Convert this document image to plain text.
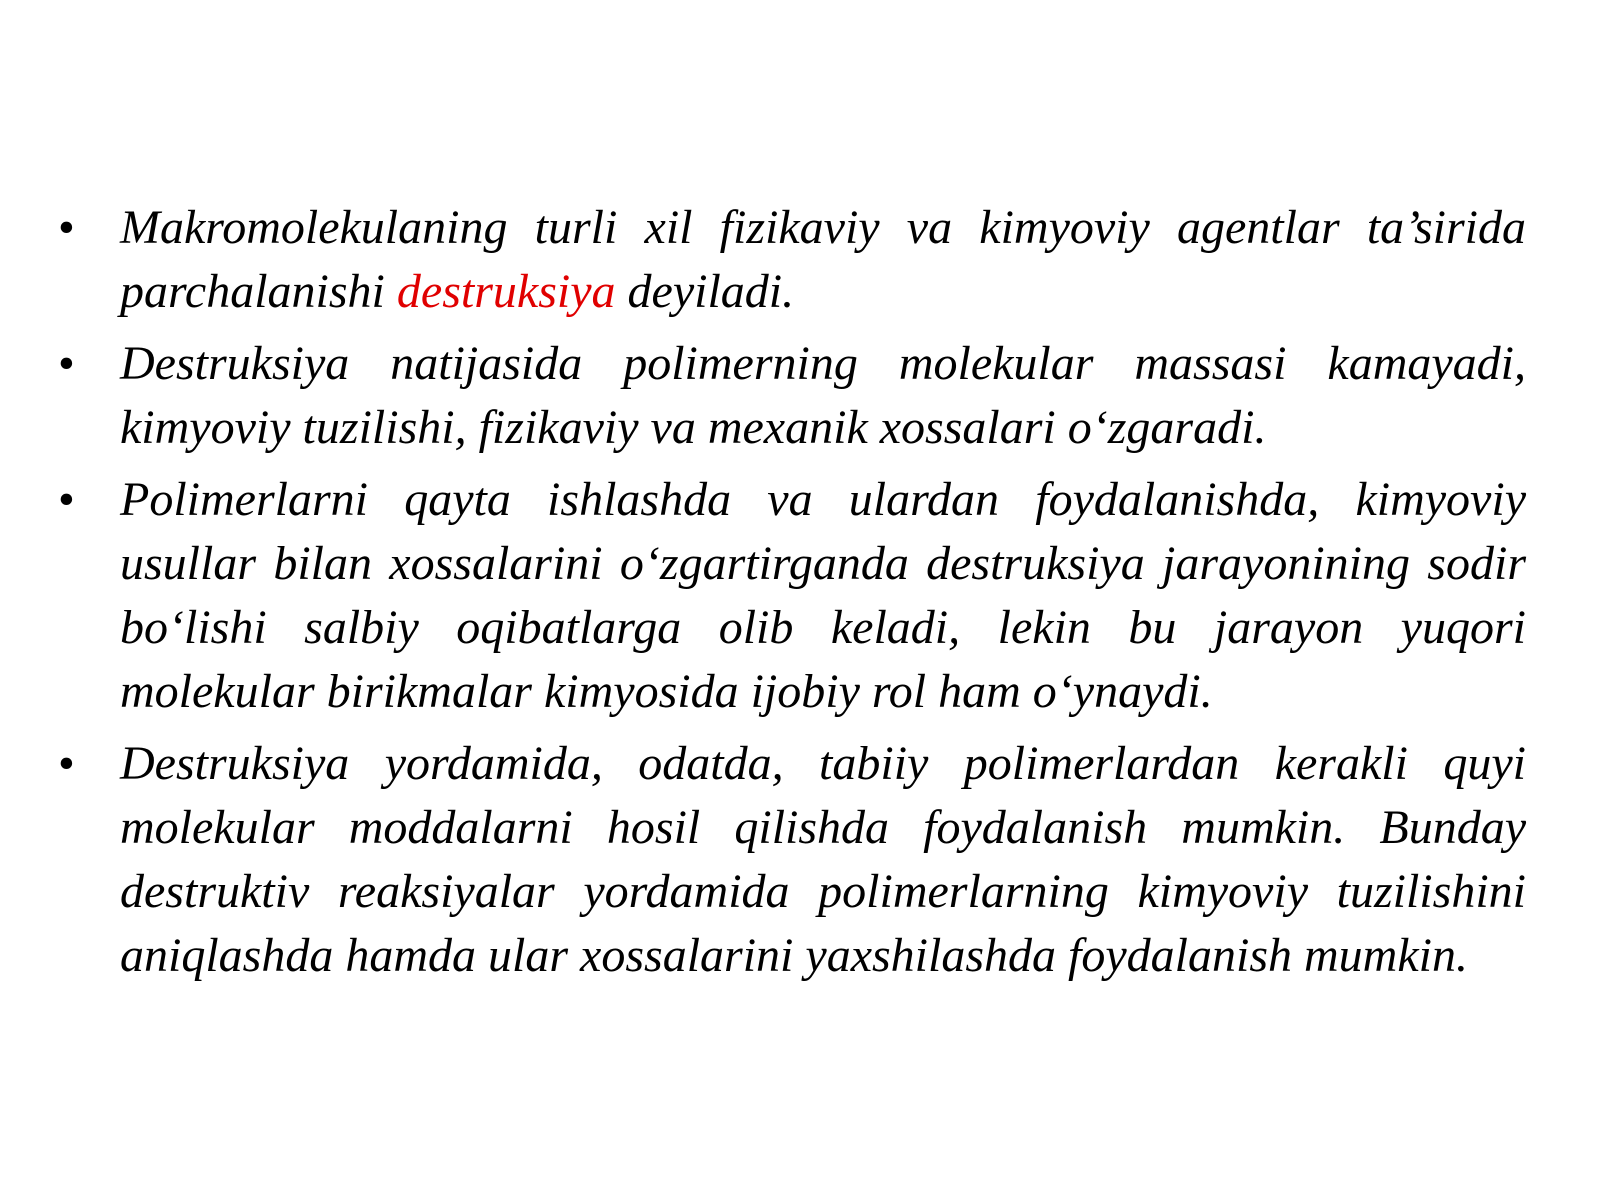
• Makromolekulaning turli xil fizikaviy va kimyoviy agentlar ta’sirida parchalanishi destruksiya deyiladi.
• Destruksiya natijasida polimerning molekular massasi kamayadi, kimyoviy tuzilishi, fizikaviy va mexanik xossalari o‘zgaradi.
• Polimerlarni qayta ishlashda va ulardan foydalanishda, kimyoviy usullar bilan xossalarini o‘zgartirganda destruksiya jarayonining sodir bo‘lishi salbiy oqibatlarga olib keladi, lekin bu jarayon yuqori molekular birikmalar kimyosida ijobiy rol ham o‘ynaydi.
• Destruksiya yordamida, odatda, tabiiy polimerlardan kerakli quyi molekular moddalarni hosil qilishda foydalanish mumkin. Bunday destruktiv reaksiyalar yordamida polimerlarning kimyoviy tuzilishini aniqlashda hamda ular xossalarini yaxshilashda foydalanish mumkin.
